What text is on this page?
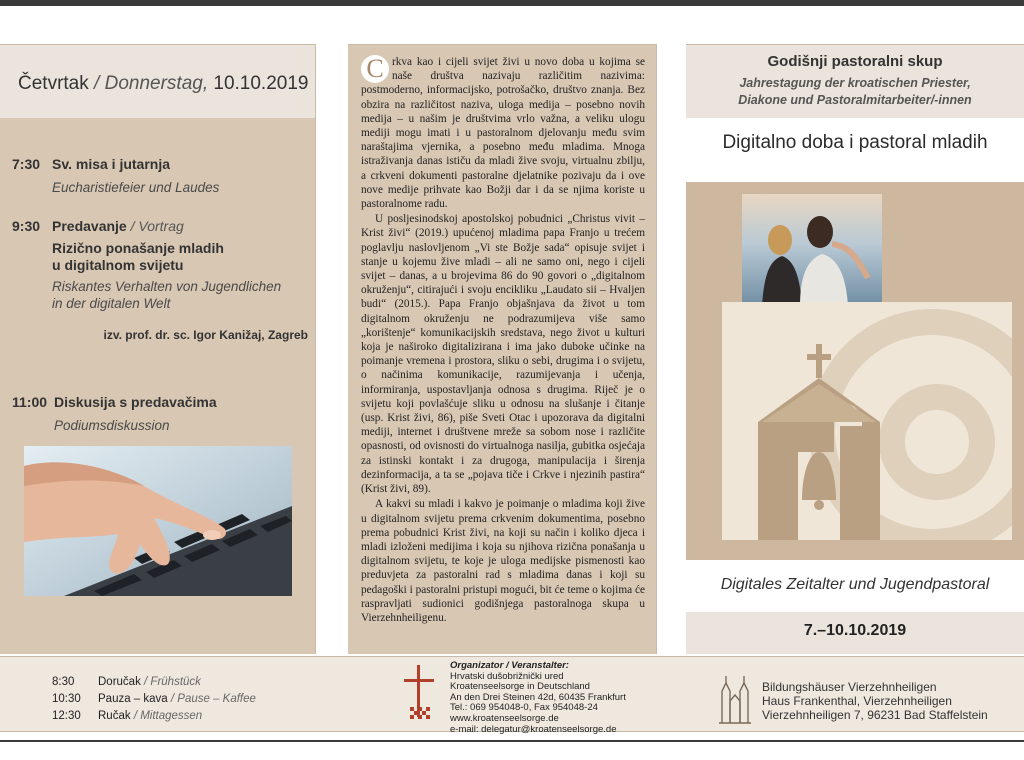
Četvrtak / Donnerstag, 10.10.2019
7:30 Sv. misa i jutarnja
Eucharistiefeier und Laudes
9:30 Predavanje / Vortrag
Rizično ponašanje mladih
u digitalnom svijetu
Riskantes Verhalten von Jugendlichen
in der digitalen Welt
izv. prof. dr. sc. Igor Kanižaj, Zagreb
11:00 Diskusija s predavačima
Podiumsdiskussion

C rkva kao i cijeli svijet živi u novo doba u kojima se naše društva nazivaju različitim nazivima: postmoderno, informacijsko, potrošačko, društvo znanja. Bez obzira na različitost naziva, uloga medija – posebno novih medija – u našim je društvima vrlo važna, a veliku ulogu mediji mogu imati i u pastoralnom djelovanju među svim naraštajima vjernika, a posebno među mladima. Mnoga istraživanja danas ističu da mladi žive svoju, virtualnu zbilju, a crkveni dokumenti pastoralne djelatnike pozivaju da i ove nove medije prihvate kao Božji dar i da se njima koriste u pastoralnome radu.

U posljesinodskoj apostolskoj pobudnici „Christus vivit – Krist živi“ (2019.) upućenoj mladima papa Franjo u trećem poglavlju naslovljenom „Vi ste Božje sada“ opisuje svijet i stanje u kojemu žive mladi – ali ne samo oni, nego i cijeli svijet – danas, a u brojevima 86 do 90 govori o „digitalnom okruženju“, citirajući i svoju encikliku „Laudato sii – Hvaljen budi“ (2015.). Papa Franjo objašnjava da život u tom digitalnom okruženju ne podrazumijeva više samo „korištenje“ komunikacijskih sredstava, nego život u kulturi koja je naširoko digitalizirana i ima jako duboke učinke na poimanje vremena i prostora, sliku o sebi, drugima i o svijetu, o načinima komunikacije, razumijevanja i učenja, informiranja, uspostavljanja odnosa s drugima. Riječ je o svijetu koji povlašćuje sliku u odnosu na slušanje i čitanje (usp. Krist živi, 86), piše Sveti Otac i upozorava da digitalni mediji, internet i društvene mreže sa sobom nose i različite opasnosti, od ovisnosti do virtualnoga nasilja, gubitka osjećaja za istinski kontakt i za drugoga, manipulacija i širenja dezinformacija, a ta se „pojava tiče i Crkve i njezinih pastira“ (Krist živi, 89).

A kakvi su mladi i kakvo je poimanje o mladima koji žive u digitalnom svijetu prema crkvenim dokumentima, posebno prema pobudnici Krist živi, na koji su način i koliko djeca i mladi izloženi medijima i koja su njihova rizična ponašanja u digitalnom svijetu, te koje je uloga medijske pismenosti kao preduvjeta za pastoralni rad s mladima danas i koji su pedagoški i pastoralni pristupi mogući, bit će teme o kojima će raspravljati sudionici godišnjega pastoralnoga skupa u Vierzehnheiligenu.

Godišnji pastoralni skup
Jahrestagung der kroatischen Priester,
Diakone und Pastoralmitarbeiter/-innen
Digitalno doba i pastoral mladih
Digitales Zeitalter und Jugendpastoral
7.–10.10.2019
8:30 Doručak / Frühstück
10:30 Pauza – kava / Pause – Kaffee
12:30 Ručak / Mittagessen
Organizator / Veranstalter:
Hrvatski dušobrižnički ured
Kroatenseelsorge in Deutschland
An den Drei Steinen 42d, 60435 Frankfurt
Tel.: 069 954048-0, Fax 954048-24
www.kroatenseelsorge.de
e-mail: delegatur@kroatenseelsorge.de
Bildungshäuser Vierzehnheiligen
Haus Frankenthal, Vierzehnheiligen
Vierzehnheiligen 7, 96231 Bad Staffelstein
